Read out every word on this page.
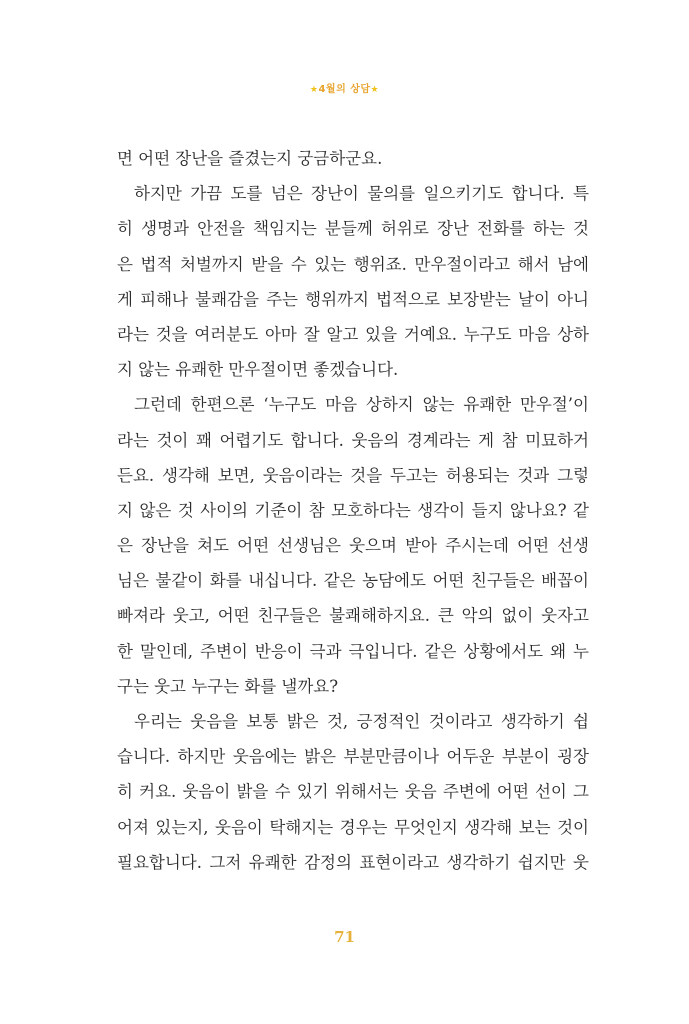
★4월의 상담★
면 어떤 장난을 즐겼는지 궁금하군요.
하지만 가끔 도를 넘은 장난이 물의를 일으키기도 합니다. 특
히 생명과 안전을 책임지는 분들께 허위로 장난 전화를 하는 것
은 법적 처벌까지 받을 수 있는 행위죠. 만우절이라고 해서 남에
게 피해나 불쾌감을 주는 행위까지 법적으로 보장받는 날이 아니
라는 것을 여러분도 아마 잘 알고 있을 거예요. 누구도 마음 상하
지 않는 유쾌한 만우절이면 좋겠습니다.
그런데 한편으론 ‘누구도 마음 상하지 않는 유쾌한 만우절’이
라는 것이 꽤 어렵기도 합니다. 웃음의 경계라는 게 참 미묘하거
든요. 생각해 보면, 웃음이라는 것을 두고는 허용되는 것과 그렇
지 않은 것 사이의 기준이 참 모호하다는 생각이 들지 않나요? 같
은 장난을 쳐도 어떤 선생님은 웃으며 받아 주시는데 어떤 선생
님은 불같이 화를 내십니다. 같은 농담에도 어떤 친구들은 배꼽이
빠져라 웃고, 어떤 친구들은 불쾌해하지요. 큰 악의 없이 웃자고
한 말인데, 주변이 반응이 극과 극입니다. 같은 상황에서도 왜 누
구는 웃고 누구는 화를 낼까요?
우리는 웃음을 보통 밝은 것, 긍정적인 것이라고 생각하기 쉽
습니다. 하지만 웃음에는 밝은 부분만큼이나 어두운 부분이 굉장
히 커요. 웃음이 밝을 수 있기 위해서는 웃음 주변에 어떤 선이 그
어져 있는지, 웃음이 탁해지는 경우는 무엇인지 생각해 보는 것이
필요합니다. 그저 유쾌한 감정의 표현이라고 생각하기 쉽지만 웃
71
